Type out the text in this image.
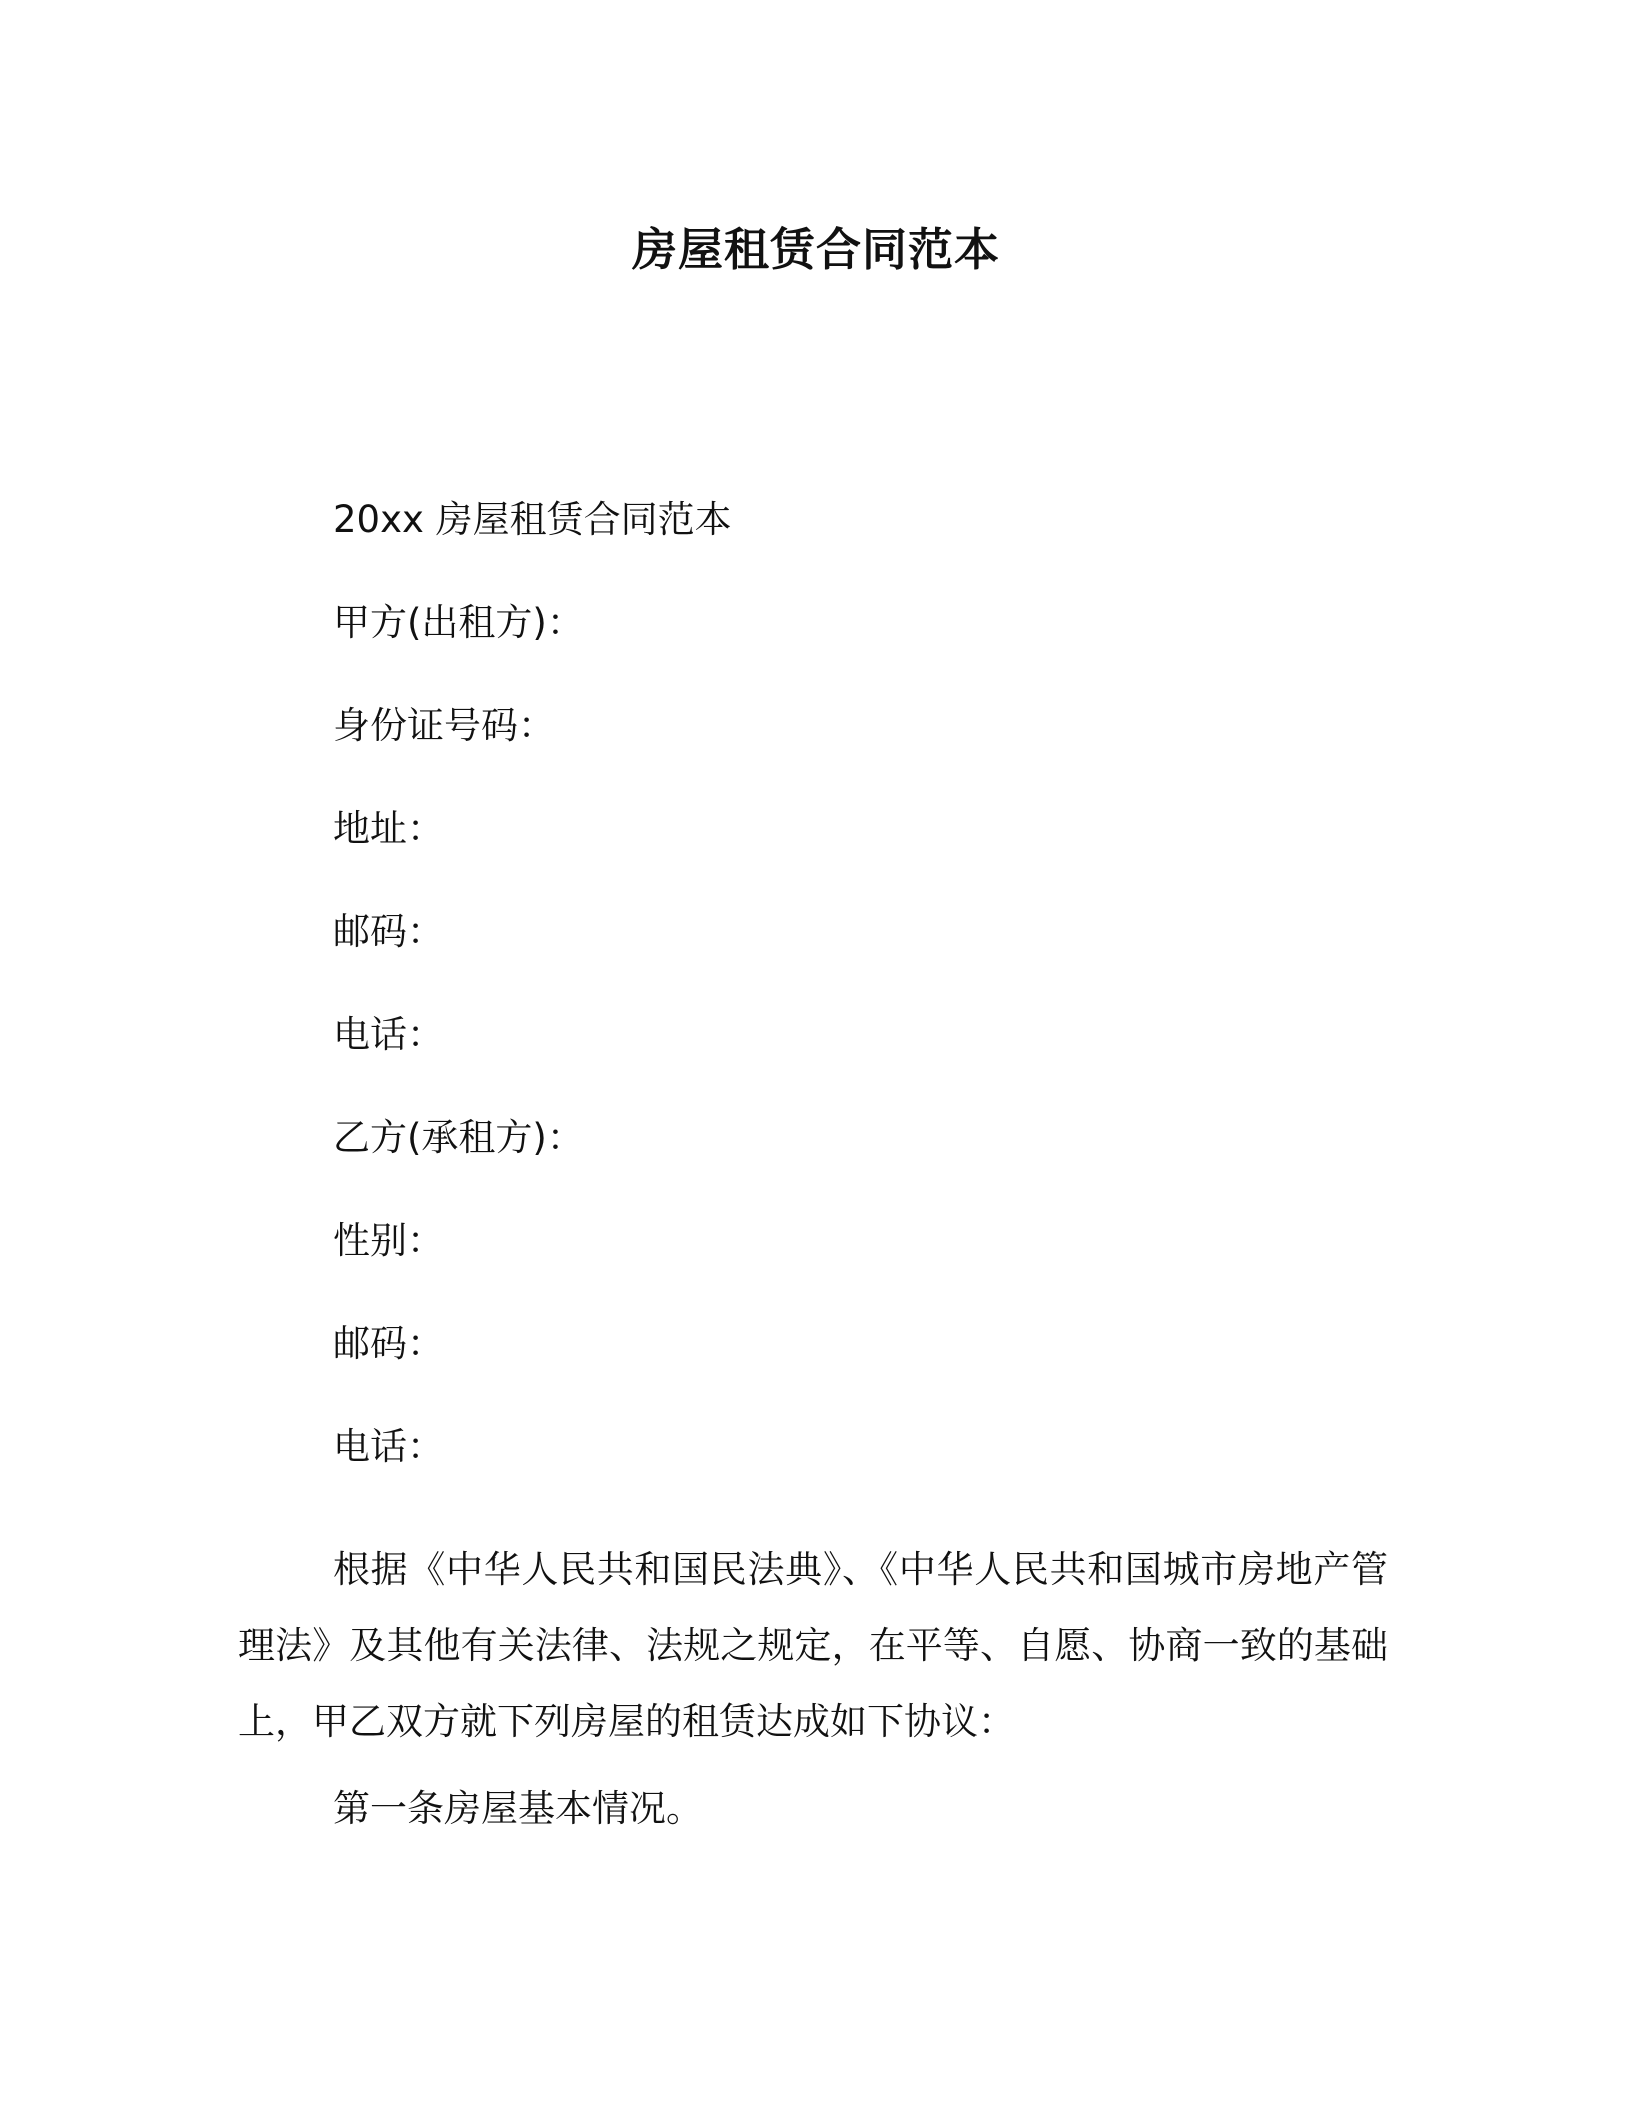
房屋租赁合同范本
20xx 房屋租赁合同范本
甲方(出租方)：
身份证号码：
地址：
邮码：
电话：
乙方(承租方)：
性别：
邮码：
电话：
根据《中华人民共和国民法典》、《中华人民共和国城市房地产管理法》及其他有关法律、法规之规定，在平等、自愿、协商一致的基础上，甲乙双方就下列房屋的租赁达成如下协议：
第一条房屋基本情况。
